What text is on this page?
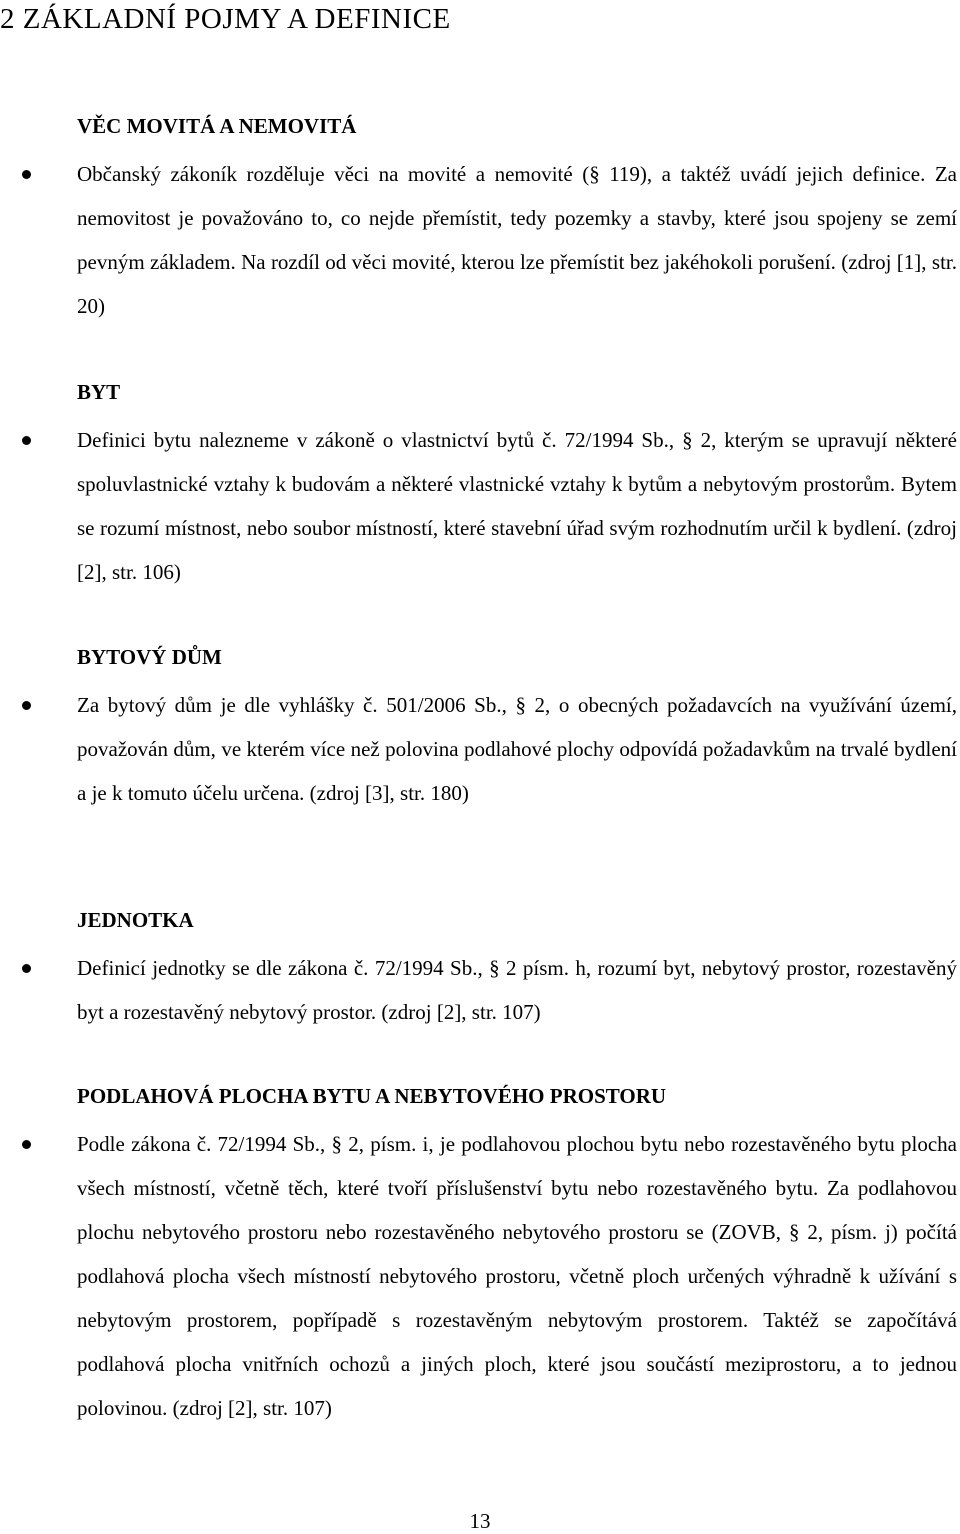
2 ZÁKLADNÍ POJMY A DEFINICE
VĚC MOVITÁ A NEMOVITÁ

Občanský zákoník rozděluje věci na movité a nemovité (§ 119), a taktéž uvádí jejich definice. Za nemovitost je považováno to, co nejde přemístit, tedy pozemky a stavby, které jsou spojeny se zemí pevným základem. Na rozdíl od věci movité, kterou lze přemístit bez jakéhokoli porušení. (zdroj [1], str. 20)

BYT

Definici bytu nalezneme v zákoně o vlastnictví bytů č. 72/1994 Sb., § 2, kterým se upravují některé spoluvlastnické vztahy k budovám a některé vlastnické vztahy k bytům a nebytovým prostorům. Bytem se rozumí místnost, nebo soubor místností, které stavební úřad svým rozhodnutím určil k bydlení. (zdroj [2], str. 106)

BYTOVÝ DŮM

Za bytový dům je dle vyhlášky č. 501/2006 Sb., § 2, o obecných požadavcích na využívání území, považován dům, ve kterém více než polovina podlahové plochy odpovídá požadavkům na trvalé bydlení a je k tomuto účelu určena. (zdroj [3], str. 180)

JEDNOTKA

Definicí jednotky se dle zákona č. 72/1994 Sb., § 2 písm. h, rozumí byt, nebytový prostor, rozestavěný byt a rozestavěný nebytový prostor. (zdroj [2], str. 107)

PODLAHOVÁ PLOCHA BYTU A NEBYTOVÉHO PROSTORU

Podle zákona č. 72/1994 Sb., § 2, písm. i, je podlahovou plochou bytu nebo rozestavěného bytu plocha všech místností, včetně těch, které tvoří příslušenství bytu nebo rozestavěného bytu. Za podlahovou plochu nebytového prostoru nebo rozestavěného nebytového prostoru se (ZOVB, § 2, písm. j) počítá podlahová plocha všech místností nebytového prostoru, včetně ploch určených výhradně k užívání s nebytovým prostorem, popřípadě s rozestavěným nebytovým prostorem. Taktéž se započítává podlahová plocha vnitřních ochozů a jiných ploch, které jsou součástí meziprostoru, a to jednou polovinou. (zdroj [2], str. 107)

13
